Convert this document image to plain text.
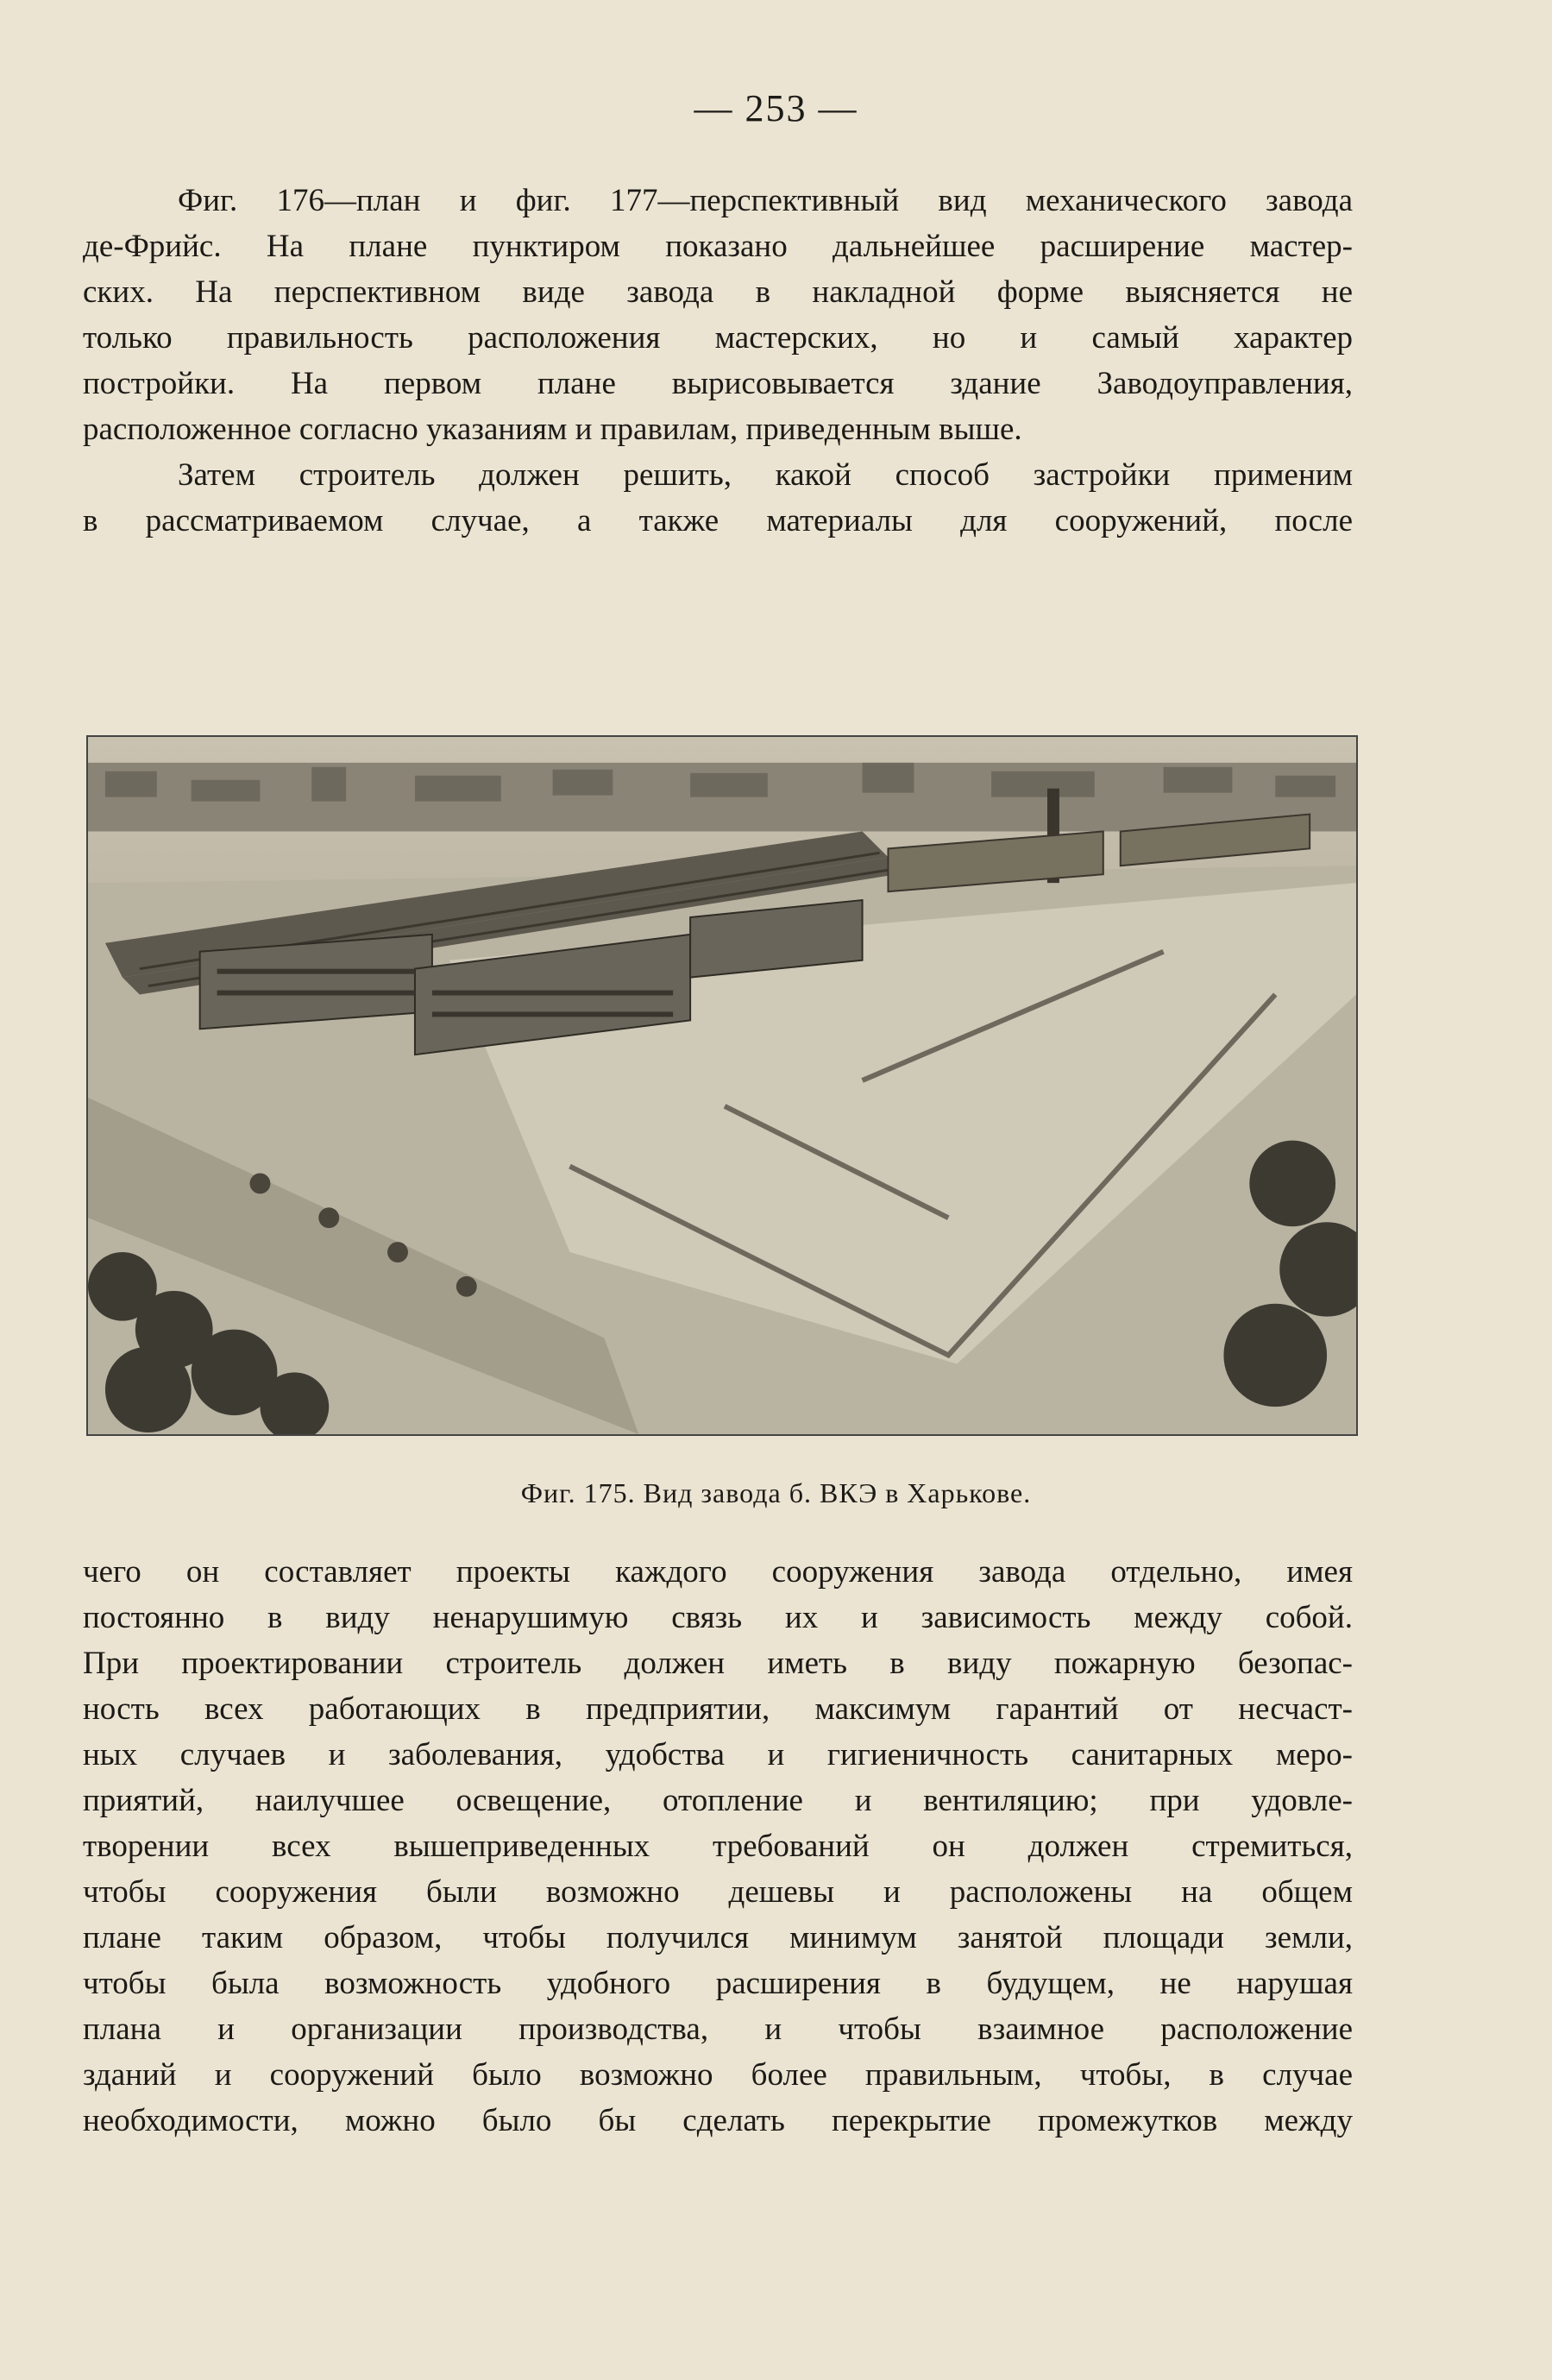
— 253 —

Фиг. 176—план и фиг. 177—перспективный вид механического завода
де-Фрийс. На плане пунктиром показано дальнейшее расширение мастер-
ских. На перспективном виде завода в накладной форме выясняется не
только правильность расположения мастерских, но и самый характер
постройки. На первом плане вырисовывается здание Заводоуправления,
расположенное согласно указаниям и правилам, приведенным выше.

Затем строитель должен решить, какой способ застройки применим
в рассматриваемом случае, а также материалы для сооружений, после

Фиг. 175. Вид завода б. ВКЭ в Харькове.

чего он составляет проекты каждого сооружения завода отдельно, имея
постоянно в виду ненарушимую связь их и зависимость между собой.
При проектировании строитель должен иметь в виду пожарную безопас-
ность всех работающих в предприятии, максимум гарантий от несчаст-
ных случаев и заболевания, удобства и гигиеничность санитарных меро-
приятий, наилучшее освещение, отопление и вентиляцию; при удовле-
творении всех вышеприведенных требований он должен стремиться,
чтобы сооружения были возможно дешевы и расположены на общем
плане таким образом, чтобы получился минимум занятой площади земли,
чтобы была возможность удобного расширения в будущем, не нарушая
плана и организации производства, и чтобы взаимное расположение
зданий и сооружений было возможно более правильным, чтобы, в случае
необходимости, можно было бы сделать перекрытие промежутков между
